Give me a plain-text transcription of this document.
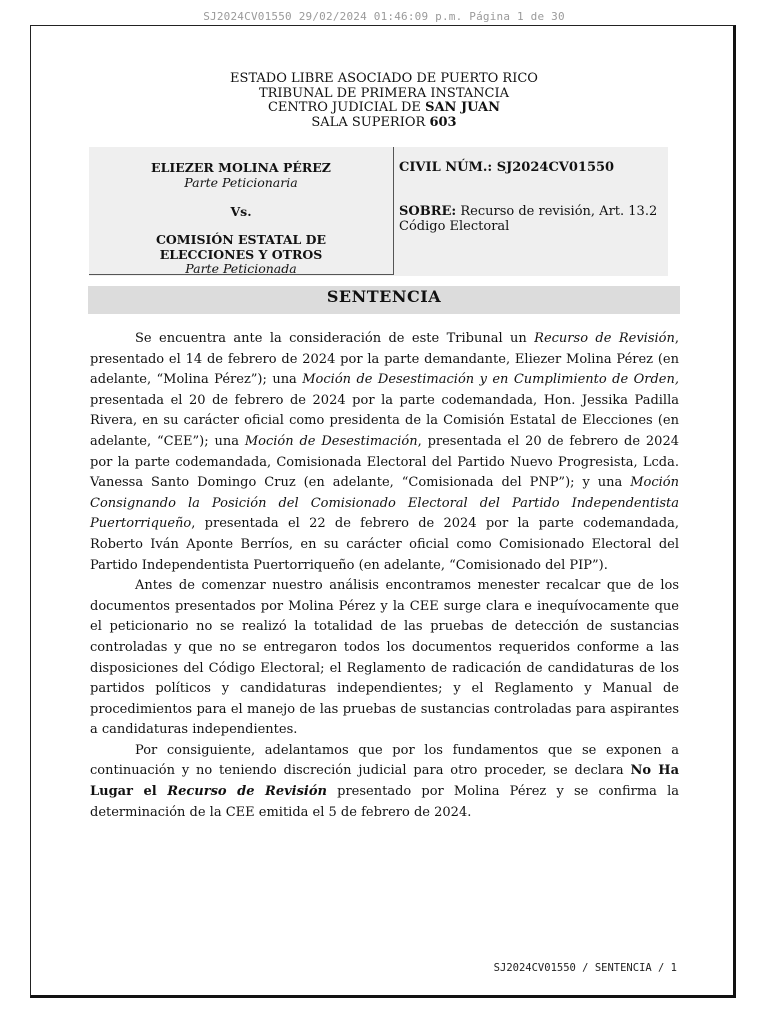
SJ2024CV01550 29/02/2024 01:46:09 p.m. Página 1 de 30
ESTADO LIBRE ASOCIADO DE PUERTO RICO
TRIBUNAL DE PRIMERA INSTANCIA
CENTRO JUDICIAL DE SAN JUAN
SALA SUPERIOR 603
ELIEZER MOLINA PÉREZ
Parte Peticionaria
Vs.
COMISIÓN ESTATAL DE
ELECCIONES Y OTROS
Parte Peticionada
CIVIL NÚM.: SJ2024CV01550
SOBRE: Recurso de revisión, Art. 13.2 Código Electoral
SENTENCIA

Se encuentra ante la consideración de este Tribunal un Recurso de Revisión, presentado el 14 de febrero de 2024 por la parte demandante, Eliezer Molina Pérez (en adelante, “Molina Pérez”); una Moción de Desestimación y en Cumplimiento de Orden, presentada el 20 de febrero de 2024 por la parte codemandada, Hon. Jessika Padilla Rivera, en su carácter oficial como presidenta de la Comisión Estatal de Elecciones (en adelante, “CEE”); una Moción de Desestimación, presentada el 20 de febrero de 2024 por la parte codemandada, Comisionada Electoral del Partido Nuevo Progresista, Lcda. Vanessa Santo Domingo Cruz (en adelante, “Comisionada del PNP”); y una Moción Consignando la Posición del Comisionado Electoral del Partido Independentista Puertorriqueño, presentada el 22 de febrero de 2024 por la parte codemandada, Roberto Iván Aponte Berríos, en su carácter oficial como Comisionado Electoral del Partido Independentista Puertorriqueño (en adelante, “Comisionado del PIP”).

Antes de comenzar nuestro análisis encontramos menester recalcar que de los documentos presentados por Molina Pérez y la CEE surge clara e inequívocamente que el peticionario no se realizó la totalidad de las pruebas de detección de sustancias controladas y que no se entregaron todos los documentos requeridos conforme a las disposiciones del Código Electoral; el Reglamento de radicación de candidaturas de los partidos políticos y candidaturas independientes; y el Reglamento y Manual de procedimientos para el manejo de las pruebas de sustancias controladas para aspirantes a candidaturas independientes.

Por consiguiente, adelantamos que por los fundamentos que se exponen a continuación y no teniendo discreción judicial para otro proceder, se declara No Ha Lugar el Recurso de Revisión presentado por Molina Pérez y se confirma la determinación de la CEE emitida el 5 de febrero de 2024.

SJ2024CV01550 / SENTENCIA / 1
